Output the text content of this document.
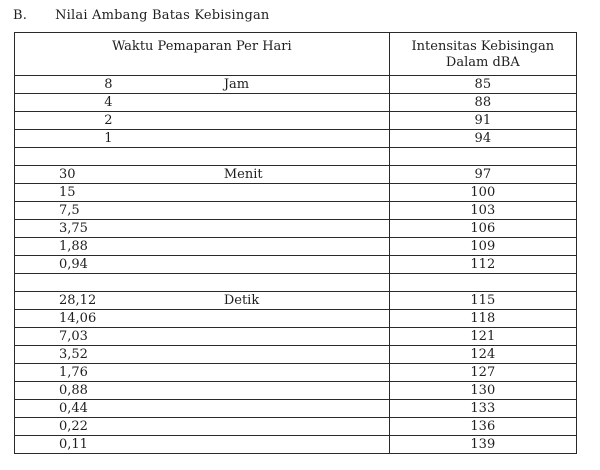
B. Nilai Ambang Batas Kebisingan
Waktu Pemaparan Per Hari		Intensitas Kebisingan Dalam dBA
8	Jam	85
4		88
2		91
1		94

30	Menit	97
15		100
7,5		103
3,75		106
1,88		109
0,94		112

28,12	Detik	115
14,06		118
7,03		121
3,52		124
1,76		127
0,88		130
0,44		133
0,22		136
0,11		139
